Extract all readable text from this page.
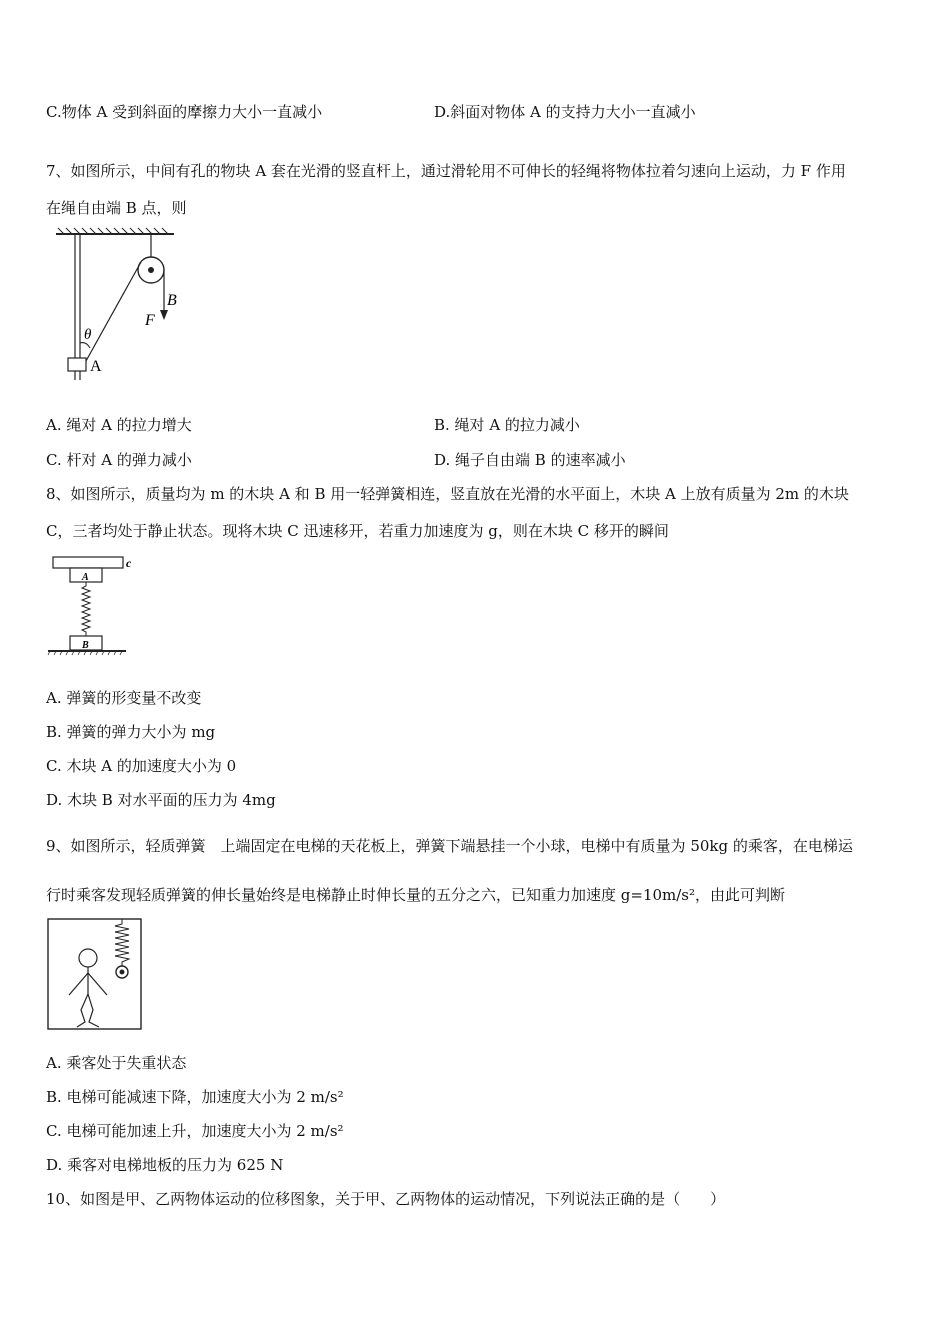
C.物体 A 受到斜面的摩擦力大小一直减小	D.斜面对物体 A 的支持力大小一直减小
7、如图所示，中间有孔的物块 A 套在光滑的竖直杆上，通过滑轮用不可伸长的轻绳将物体拉着匀速向上运动，力 F 作用
在绳自由端 B 点，则
B
F
θ
A
A. 绳对 A 的拉力增大	B. 绳对 A 的拉力减小
C. 杆对 A 的弹力减小	D. 绳子自由端 B 的速率减小
8、如图所示，质量均为 m 的木块 A 和 B 用一轻弹簧相连，竖直放在光滑的水平面上，木块 A 上放有质量为 2m 的木块
C，三者均处于静止状态。现将木块 C 迅速移开，若重力加速度为 g，则在木块 C 移开的瞬间
c
A
B
A. 弹簧的形变量不改变
B. 弹簧的弹力大小为 mg
C. 木块 A 的加速度大小为 0
D. 木块 B 对水平面的压力为 4mg
9、如图所示，轻质弹簧　上端固定在电梯的天花板上，弹簧下端悬挂一个小球，电梯中有质量为 50kg 的乘客，在电梯运
行时乘客发现轻质弹簧的伸长量始终是电梯静止时伸长量的五分之六，已知重力加速度 g=10m/s²，由此可判断
A. 乘客处于失重状态
B. 电梯可能减速下降，加速度大小为 2 m/s²
C. 电梯可能加速上升，加速度大小为 2 m/s²
D. 乘客对电梯地板的压力为 625 N
10、如图是甲、乙两物体运动的位移图象，关于甲、乙两物体的运动情况，下列说法正确的是（　　）
